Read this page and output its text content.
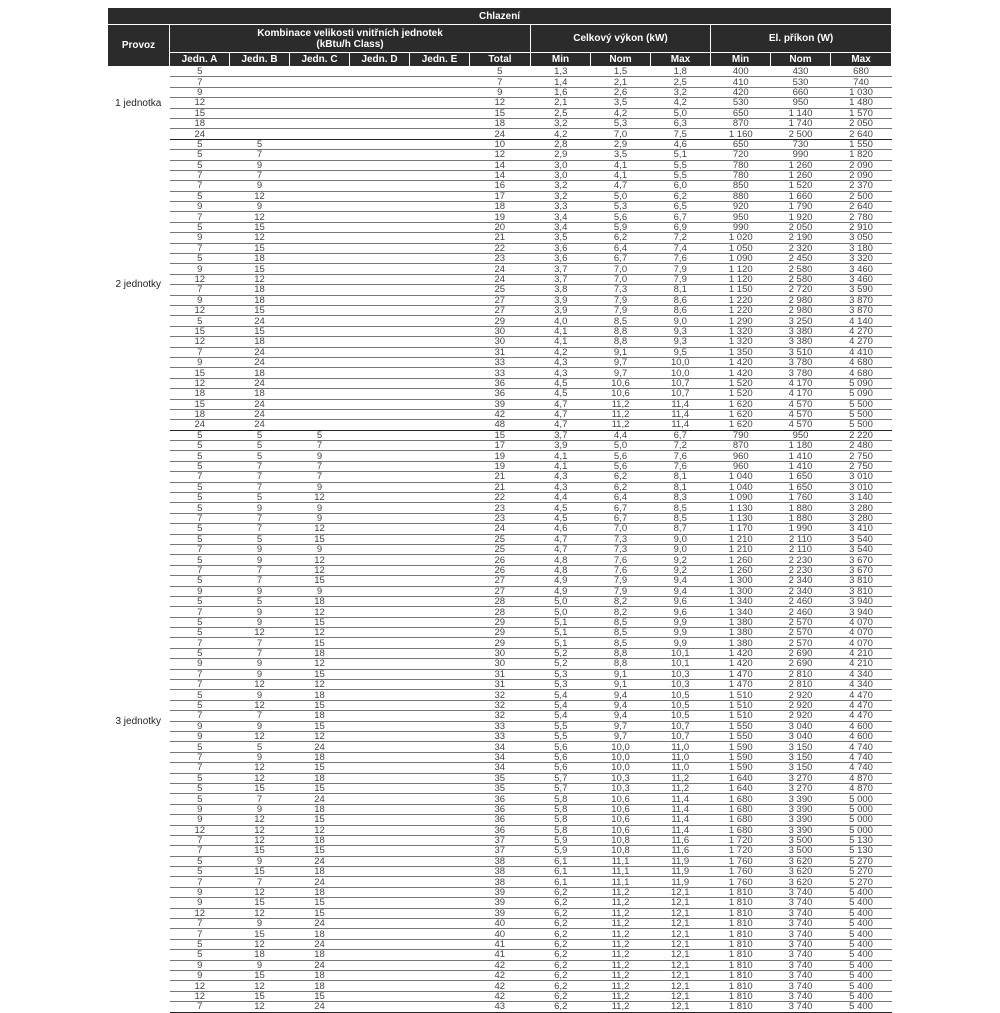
Chlazení												
Provoz	Kombinace velikosti vnitřních jednotek
(kBtu/h Class)						Celkový výkon (kW)			El. příkon (W)		
	Jedn. A	Jedn. B	Jedn. C	Jedn. D	Jedn. E	Total	Min	Nom	Max	Min	Nom	Max
1 jednotka	5					5	1,3	1,5	1,8	400	430	680
	7					7	1,4	2,1	2,5	410	530	740
	9					9	1,6	2,6	3,2	420	660	1 030
	12					12	2,1	3,5	4,2	530	950	1 480
	15					15	2,5	4,2	5,0	650	1 140	1 570
	18					18	3,2	5,3	6,3	870	1 740	2 050
	24					24	4,2	7,0	7,5	1 160	2 500	2 640
2 jednotky	5	5				10	2,8	2,9	4,6	650	730	1 550
	5	7				12	2,9	3,5	5,1	720	990	1 820
	5	9				14	3,0	4,1	5,5	780	1 260	2 090
	7	7				14	3,0	4,1	5,5	780	1 260	2 090
	7	9				16	3,2	4,7	6,0	850	1 520	2 370
	5	12				17	3,2	5,0	6,2	880	1 660	2 500
	9	9				18	3,3	5,3	6,5	920	1 790	2 640
	7	12				19	3,4	5,6	6,7	950	1 920	2 780
	5	15				20	3,4	5,9	6,9	990	2 050	2 910
	9	12				21	3,5	6,2	7,2	1 020	2 190	3 050
	7	15				22	3,6	6,4	7,4	1 050	2 320	3 180
	5	18				23	3,6	6,7	7,6	1 090	2 450	3 320
	9	15				24	3,7	7,0	7,9	1 120	2 580	3 460
	12	12				24	3,7	7,0	7,9	1 120	2 580	3 460
	7	18				25	3,8	7,3	8,1	1 150	2 720	3 590
	9	18				27	3,9	7,9	8,6	1 220	2 980	3 870
	12	15				27	3,9	7,9	8,6	1 220	2 980	3 870
	5	24				29	4,0	8,5	9,0	1 290	3 250	4 140
	15	15				30	4,1	8,8	9,3	1 320	3 380	4 270
	12	18				30	4,1	8,8	9,3	1 320	3 380	4 270
	7	24				31	4,2	9,1	9,5	1 350	3 510	4 410
	9	24				33	4,3	9,7	10,0	1 420	3 780	4 680
	15	18				33	4,3	9,7	10,0	1 420	3 780	4 680
	12	24				36	4,5	10,6	10,7	1 520	4 170	5 090
	18	18				36	4,5	10,6	10,7	1 520	4 170	5 090
	15	24				39	4,7	11,2	11,4	1 620	4 570	5 500
	18	24				42	4,7	11,2	11,4	1 620	4 570	5 500
	24	24				48	4,7	11,2	11,4	1 620	4 570	5 500
3 jednotky	5	5	5			15	3,7	4,4	6,7	790	950	2 220
	5	5	7			17	3,9	5,0	7,2	870	1 180	2 480
	5	5	9			19	4,1	5,6	7,6	960	1 410	2 750
	5	7	7			19	4,1	5,6	7,6	960	1 410	2 750
	7	7	7			21	4,3	6,2	8,1	1 040	1 650	3 010
	5	7	9			21	4,3	6,2	8,1	1 040	1 650	3 010
	5	5	12			22	4,4	6,4	8,3	1 090	1 760	3 140
	5	9	9			23	4,5	6,7	8,5	1 130	1 880	3 280
	7	7	9			23	4,5	6,7	8,5	1 130	1 880	3 280
	5	7	12			24	4,6	7,0	8,7	1 170	1 990	3 410
	5	5	15			25	4,7	7,3	9,0	1 210	2 110	3 540
	7	9	9			25	4,7	7,3	9,0	1 210	2 110	3 540
	5	9	12			26	4,8	7,6	9,2	1 260	2 230	3 670
	7	7	12			26	4,8	7,6	9,2	1 260	2 230	3 670
	5	7	15			27	4,9	7,9	9,4	1 300	2 340	3 810
	9	9	9			27	4,9	7,9	9,4	1 300	2 340	3 810
	5	5	18			28	5,0	8,2	9,6	1 340	2 460	3 940
	7	9	12			28	5,0	8,2	9,6	1 340	2 460	3 940
	5	9	15			29	5,1	8,5	9,9	1 380	2 570	4 070
	5	12	12			29	5,1	8,5	9,9	1 380	2 570	4 070
	7	7	15			29	5,1	8,5	9,9	1 380	2 570	4 070
	5	7	18			30	5,2	8,8	10,1	1 420	2 690	4 210
	9	9	12			30	5,2	8,8	10,1	1 420	2 690	4 210
	7	9	15			31	5,3	9,1	10,3	1 470	2 810	4 340
	7	12	12			31	5,3	9,1	10,3	1 470	2 810	4 340
	5	9	18			32	5,4	9,4	10,5	1 510	2 920	4 470
	5	12	15			32	5,4	9,4	10,5	1 510	2 920	4 470
	7	7	18			32	5,4	9,4	10,5	1 510	2 920	4 470
	9	9	15			33	5,5	9,7	10,7	1 550	3 040	4 600
	9	12	12			33	5,5	9,7	10,7	1 550	3 040	4 600
	5	5	24			34	5,6	10,0	11,0	1 590	3 150	4 740
	7	9	18			34	5,6	10,0	11,0	1 590	3 150	4 740
	7	12	15			34	5,6	10,0	11,0	1 590	3 150	4 740
	5	12	18			35	5,7	10,3	11,2	1 640	3 270	4 870
	5	15	15			35	5,7	10,3	11,2	1 640	3 270	4 870
	5	7	24			36	5,8	10,6	11,4	1 680	3 390	5 000
	9	9	18			36	5,8	10,6	11,4	1 680	3 390	5 000
	9	12	15			36	5,8	10,6	11,4	1 680	3 390	5 000
	12	12	12			36	5,8	10,6	11,4	1 680	3 390	5 000
	7	12	18			37	5,9	10,8	11,6	1 720	3 500	5 130
	7	15	15			37	5,9	10,8	11,6	1 720	3 500	5 130
	5	9	24			38	6,1	11,1	11,9	1 760	3 620	5 270
	5	15	18			38	6,1	11,1	11,9	1 760	3 620	5 270
	7	7	24			38	6,1	11,1	11,9	1 760	3 620	5 270
	9	12	18			39	6,2	11,2	12,1	1 810	3 740	5 400
	9	15	15			39	6,2	11,2	12,1	1 810	3 740	5 400
	12	12	15			39	6,2	11,2	12,1	1 810	3 740	5 400
	7	9	24			40	6,2	11,2	12,1	1 810	3 740	5 400
	7	15	18			40	6,2	11,2	12,1	1 810	3 740	5 400
	5	12	24			41	6,2	11,2	12,1	1 810	3 740	5 400
	5	18	18			41	6,2	11,2	12,1	1 810	3 740	5 400
	9	9	24			42	6,2	11,2	12,1	1 810	3 740	5 400
	9	15	18			42	6,2	11,2	12,1	1 810	3 740	5 400
	12	12	18			42	6,2	11,2	12,1	1 810	3 740	5 400
	12	15	15			42	6,2	11,2	12,1	1 810	3 740	5 400
	7	12	24			43	6,2	11,2	12,1	1 810	3 740	5 400
